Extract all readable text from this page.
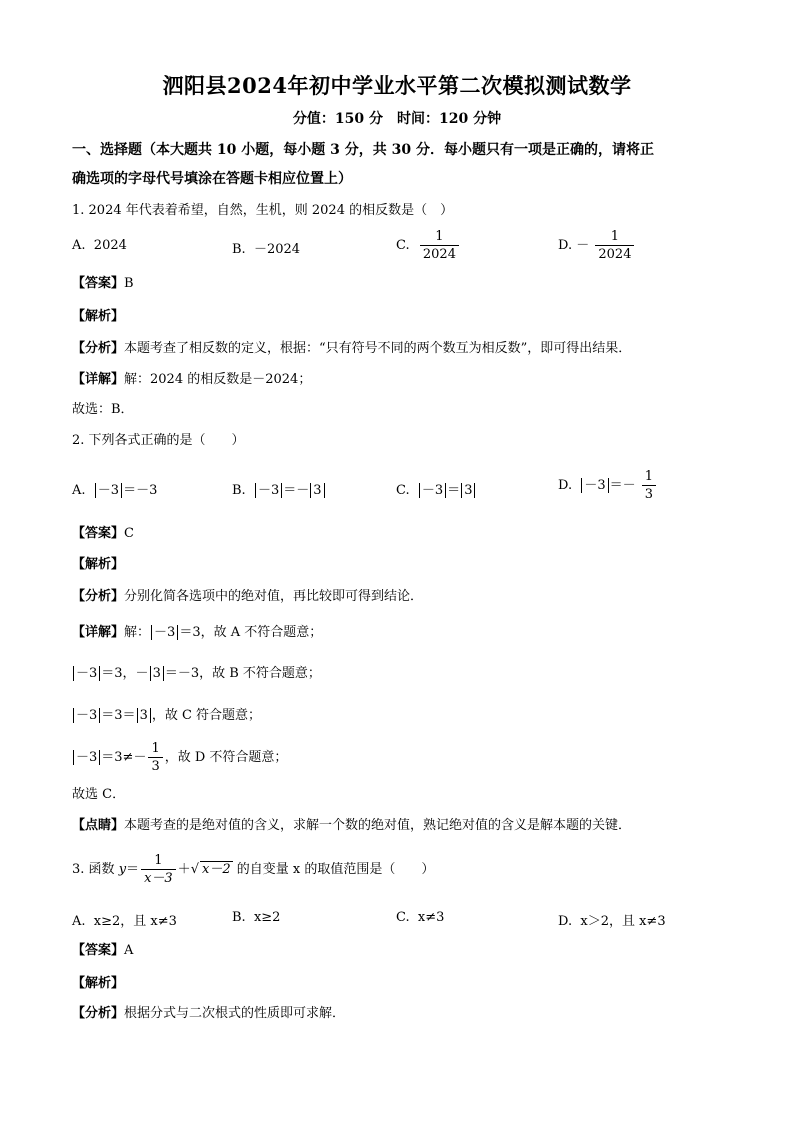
泗阳县2024年初中学业水平第二次模拟测试数学
分值：150 分　时间：120 分钟
一、选择题（本大题共 10 小题，每小题 3 分，共 30 分．每小题只有一项是正确的，请将正
确选项的字母代号填涂在答题卡相应位置上）
1. 2024 年代表着希望，自然，生机，则 2024 的相反数是（　）
A. 2024	B. －2024	C. $\frac{1}{2024}$	D. － $\frac{1}{2024}$
【答案】B
【解析】
【分析】本题考查了相反数的定义，根据：“只有符号不同的两个数互为相反数”，即可得出结果．
【详解】解：2024 的相反数是－2024；
故选：B．
2. 下列各式正确的是（　　）
A. －3 ＝－3	B. －3 ＝－ 3	C. －3 ＝ 3	D. $-3 =- \frac{1}{3}$
【答案】C
【解析】
【分析】分别化简各选项中的绝对值，再比较即可得到结论．
【详解】解： －3 ＝3，故 A 不符合题意；
－3 ＝3，－ 3 ＝－3，故 B 不符合题意；
－3 ＝3＝ 3 ，故 C 符合题意；
$-3 =3\ne- \frac{1}{3}$ ，故 D 不符合题意；
故选 C．
【点睛】本题考查的是绝对值的含义，求解一个数的绝对值，熟记绝对值的含义是解本题的关键．
3. 函数 $y= \frac{1}{x-3}$ ＋√ x－2 的自变量 x 的取值范围是（　　）
A. x≥2，且 x≠3	B. x≥2	C. x≠3	D. x＞2，且 x≠3
【答案】A
【解析】
【分析】根据分式与二次根式的性质即可求解．
